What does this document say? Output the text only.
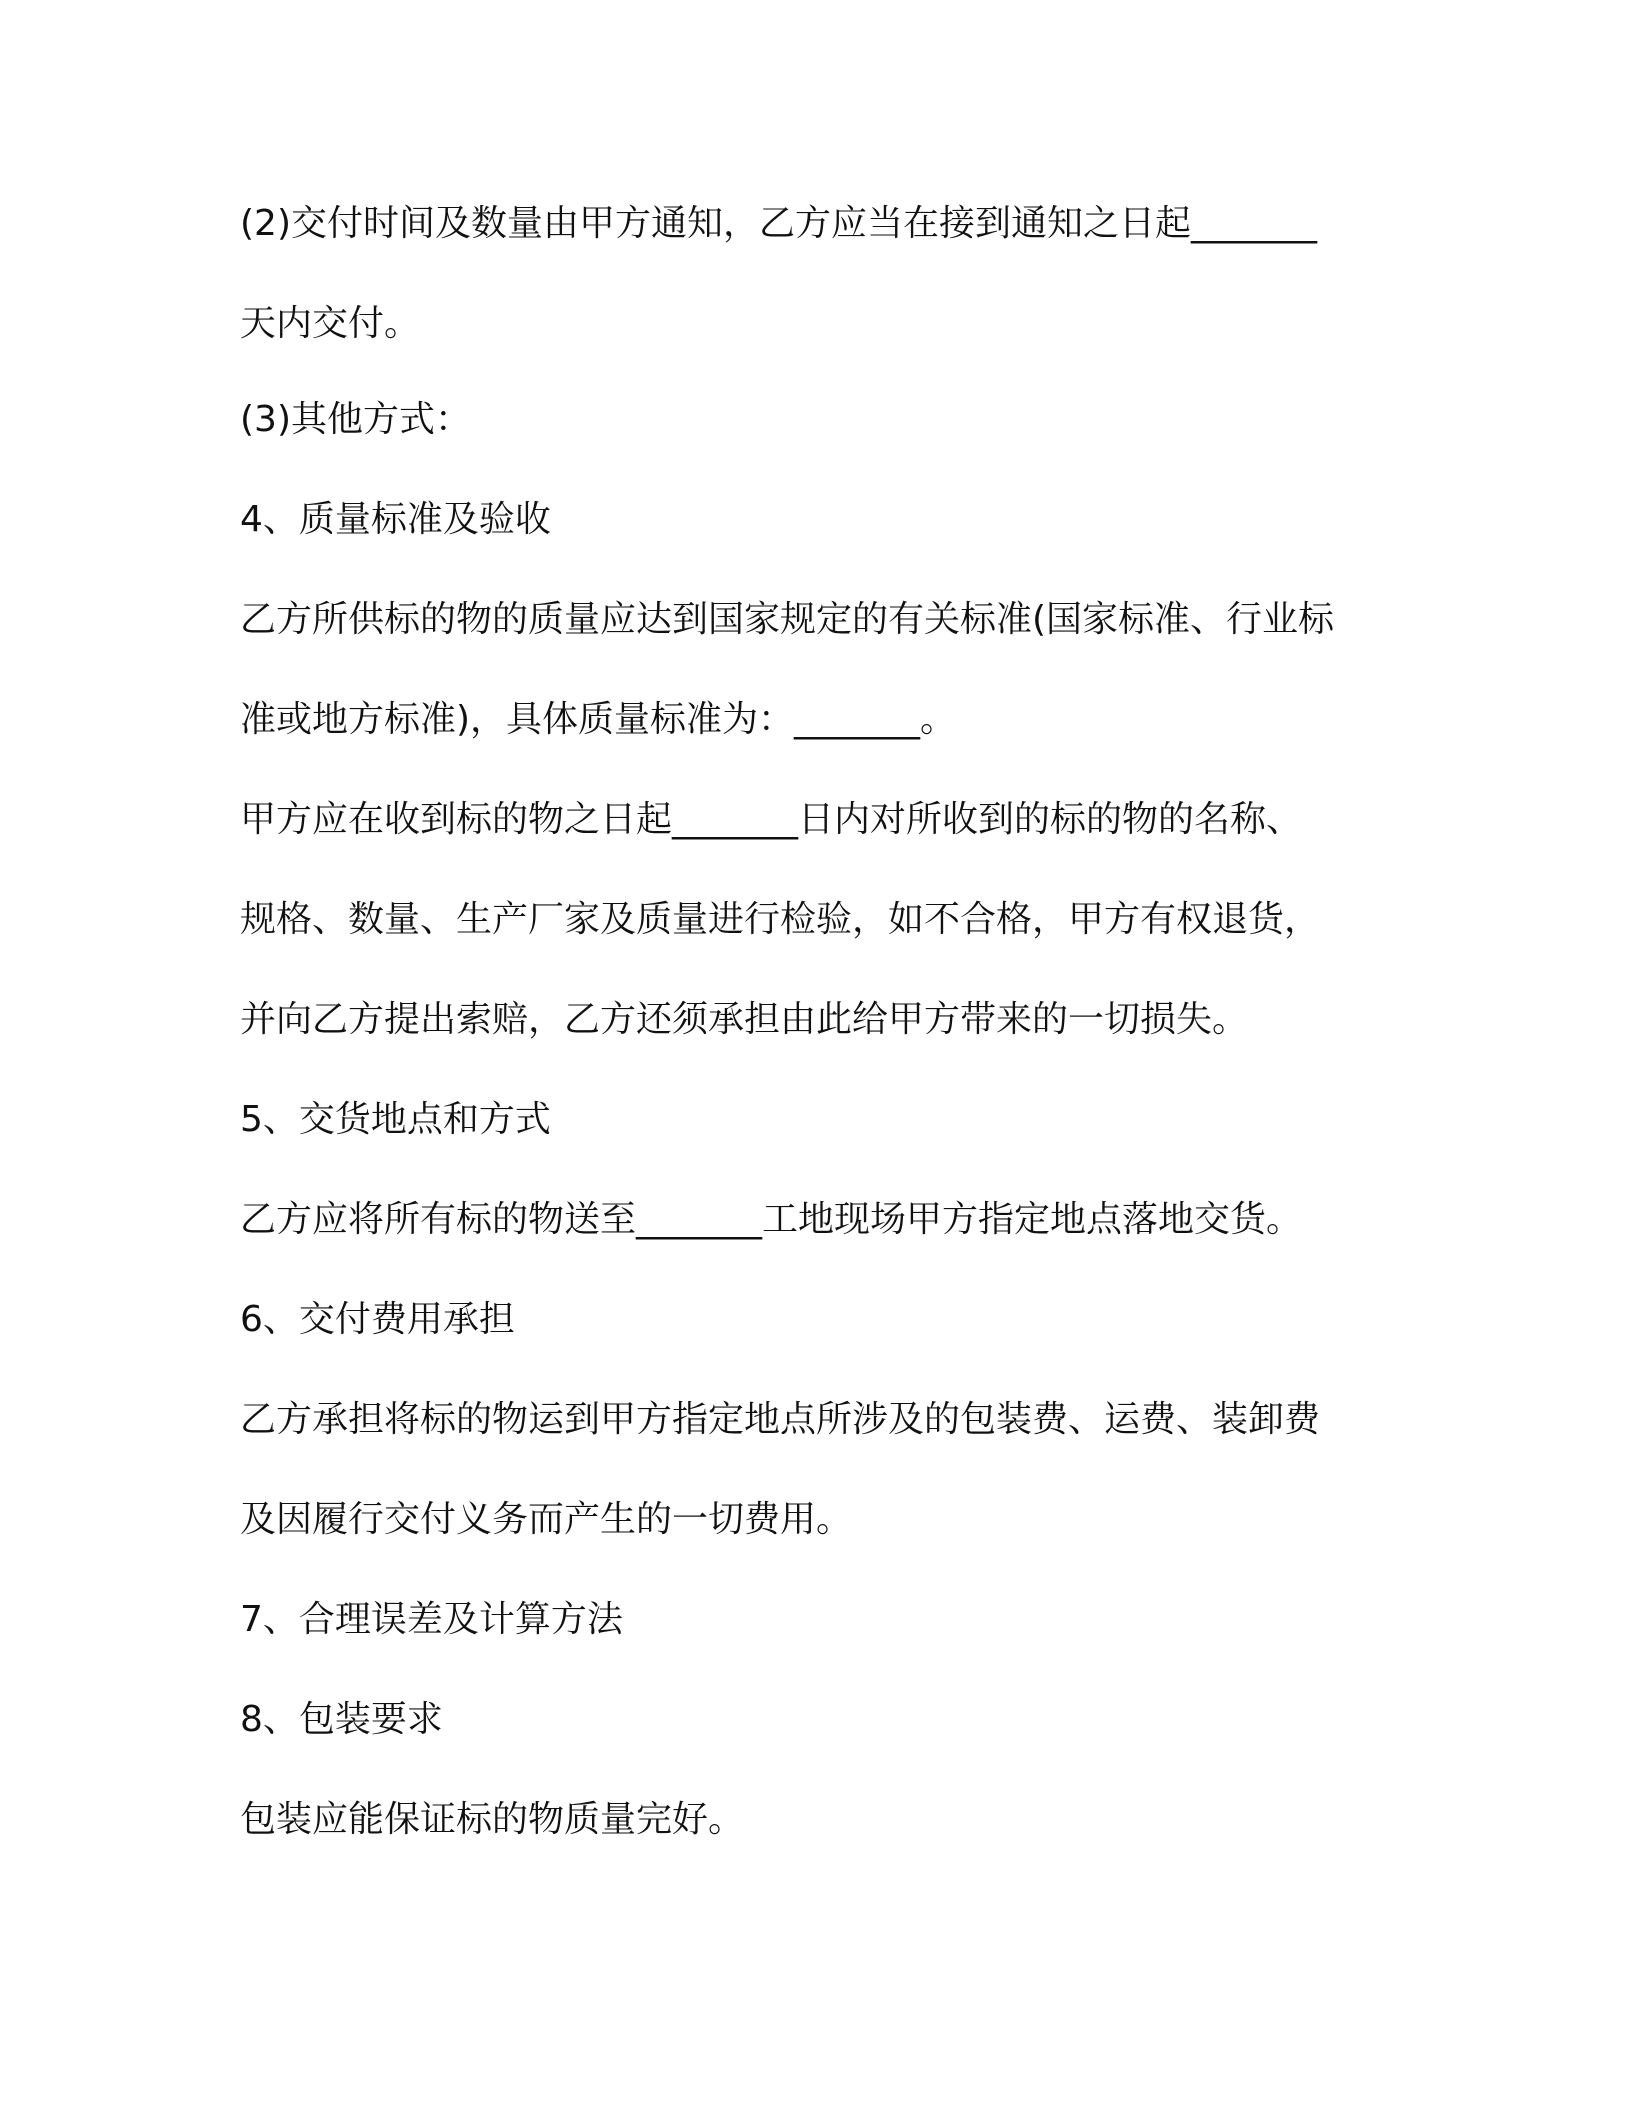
(2)交付时间及数量由甲方通知，乙方应当在接到通知之日起_______
天内交付。
(3)其他方式：
4、质量标准及验收
乙方所供标的物的质量应达到国家规定的有关标准(国家标准、行业标
准或地方标准)，具体质量标准为：_______。
甲方应在收到标的物之日起_______日内对所收到的标的物的名称、
规格、数量、生产厂家及质量进行检验，如不合格，甲方有权退货，
并向乙方提出索赔，乙方还须承担由此给甲方带来的一切损失。
5、交货地点和方式
乙方应将所有标的物送至_______工地现场甲方指定地点落地交货。
6、交付费用承担
乙方承担将标的物运到甲方指定地点所涉及的包装费、运费、装卸费
及因履行交付义务而产生的一切费用。
7、合理误差及计算方法
8、包装要求
包装应能保证标的物质量完好。
